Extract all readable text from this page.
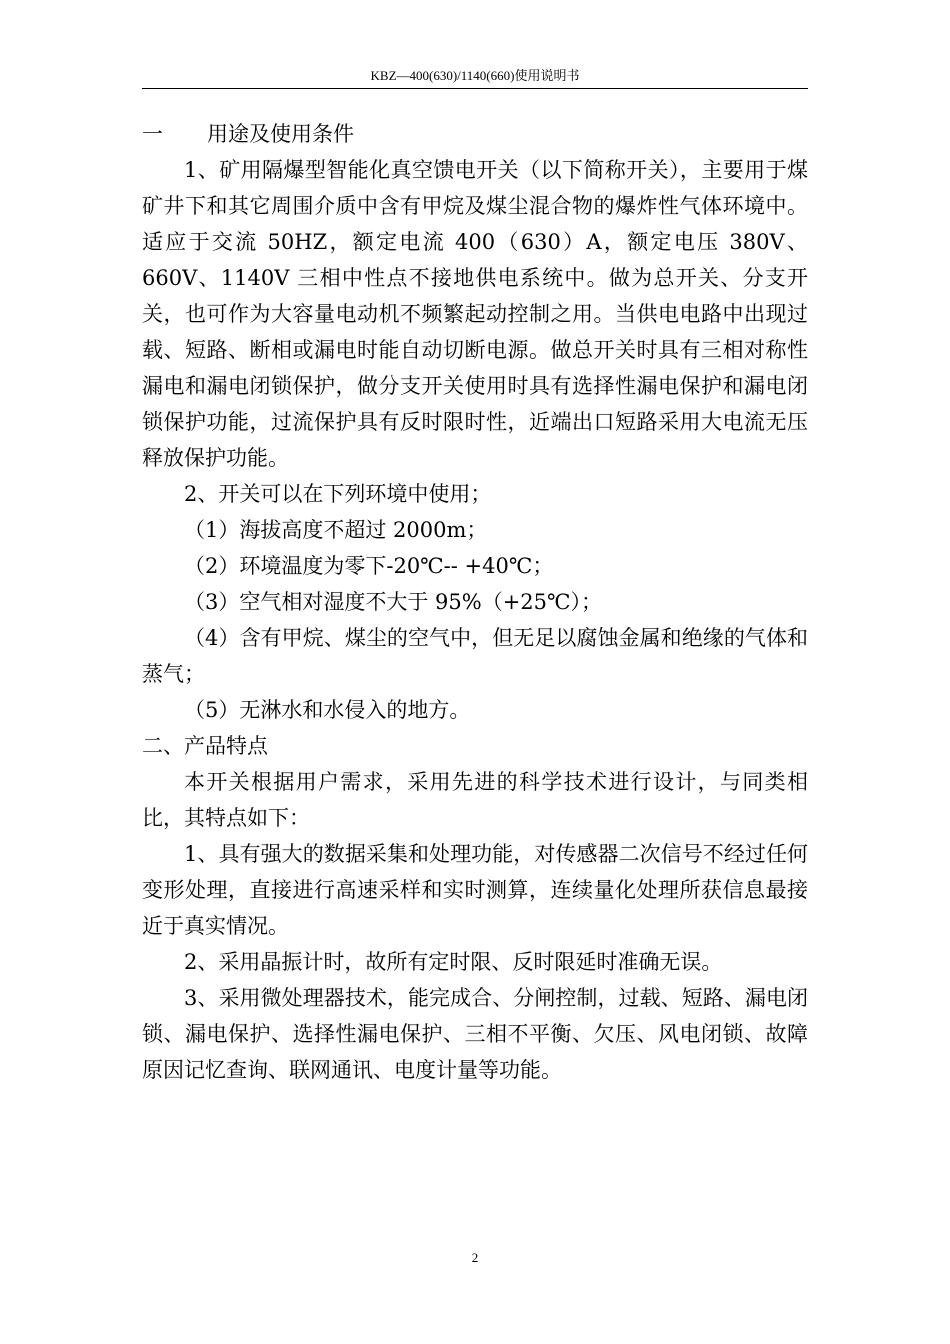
KBZ—400(630)/1140(660)使用说明书

一 用途及使用条件

1、矿用隔爆型智能化真空馈电开关（以下简称开关），主要用于煤矿井下和其它周围介质中含有甲烷及煤尘混合物的爆炸性气体环境中。适应于交流 50HZ，额定电流 400（630）A，额定电压 380V、660V、1140V 三相中性点不接地供电系统中。做为总开关、分支开关，也可作为大容量电动机不频繁起动控制之用。当供电电路中出现过载、短路、断相或漏电时能自动切断电源。做总开关时具有三相对称性漏电和漏电闭锁保护，做分支开关使用时具有选择性漏电保护和漏电闭锁保护功能，过流保护具有反时限时性，近端出口短路采用大电流无压释放保护功能。

2、开关可以在下列环境中使用；

（1）海拔高度不超过 2000m；

（2）环境温度为零下-20℃-- +40℃；

（3）空气相对湿度不大于 95%（+25℃）；

（4）含有甲烷、煤尘的空气中，但无足以腐蚀金属和绝缘的气体和蒸气；

（5）无淋水和水侵入的地方。

二、产品特点

本开关根据用户需求，采用先进的科学技术进行设计，与同类相比，其特点如下：

1、具有强大的数据采集和处理功能，对传感器二次信号不经过任何变形处理，直接进行高速采样和实时测算，连续量化处理所获信息最接近于真实情况。

2、采用晶振计时，故所有定时限、反时限延时准确无误。

3、采用微处理器技术，能完成合、分闸控制，过载、短路、漏电闭锁、漏电保护、选择性漏电保护、三相不平衡、欠压、风电闭锁、故障原因记忆查询、联网通讯、电度计量等功能。

2
